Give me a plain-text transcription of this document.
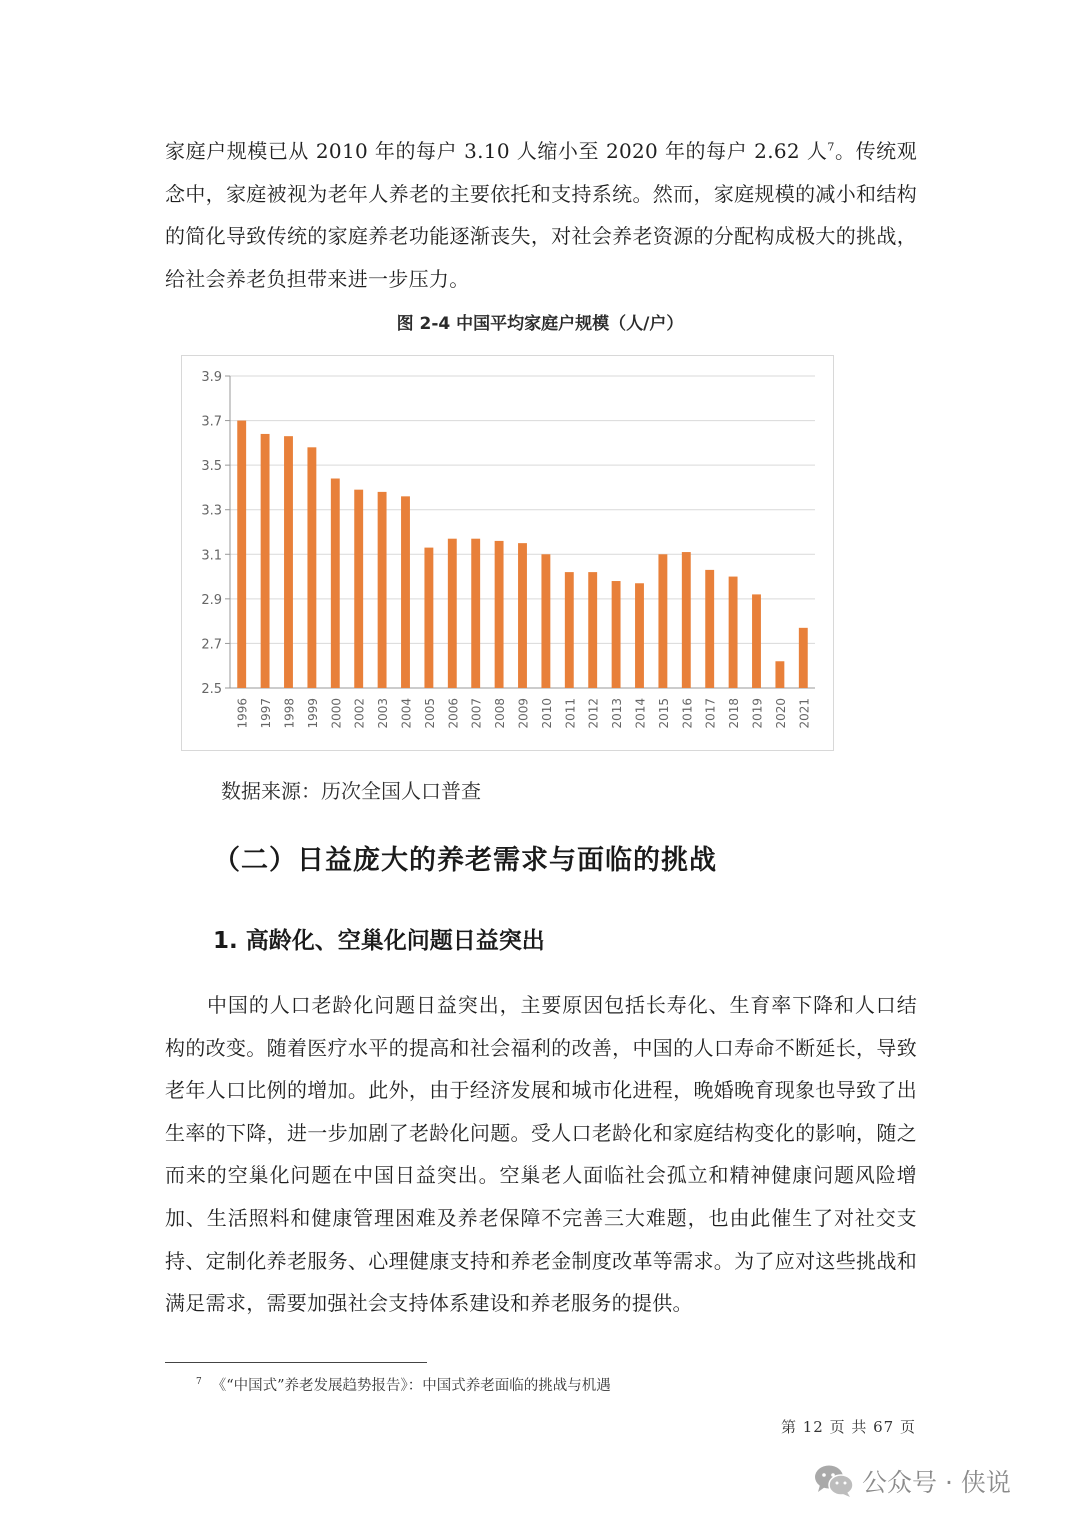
家庭户规模已从 2010 年的每户 3.10 人缩小至 2020 年的每户 2.62 人$^7$。传统观念中，家庭被视为老年人养老的主要依托和支持系统。然而，家庭规模的减小和结构的简化导致传统的家庭养老功能逐渐丧失，对社会养老资源的分配构成极大的挑战，给社会养老负担带来进一步压力。

图 2-4 中国平均家庭户规模（人/户）
2.5
2.7
2.9
3.1
3.3
3.5
3.7
3.9
1996 1997 1998 1999 2000 2002 2003 2004 2005 2006 2007 2008 2009 2010 2011 2012 2013 2014 2015 2016 2017 2018 2019 2020 2021
数据来源：历次全国人口普查
（二）日益庞大的养老需求与面临的挑战
1. 高龄化、空巢化问题日益突出

中国的人口老龄化问题日益突出，主要原因包括长寿化、生育率下降和人口结构的改变。随着医疗水平的提高和社会福利的改善，中国的人口寿命不断延长，导致老年人口比例的增加。此外，由于经济发展和城市化进程，晚婚晚育现象也导致了出生率的下降，进一步加剧了老龄化问题。受人口老龄化和家庭结构变化的影响，随之而来的空巢化问题在中国日益突出。空巢老人面临社会孤立和精神健康问题风险增加、生活照料和健康管理困难及养老保障不完善三大难题，也由此催生了对社交支持、定制化养老服务、心理健康支持和养老金制度改革等需求。为了应对这些挑战和满足需求，需要加强社会支持体系建设和养老服务的提供。

$^7$ 《“中国式”养老发展趋势报告》：中国式养老面临的挑战与机遇
第 12 页 共 67 页
公众号 · 侠说
